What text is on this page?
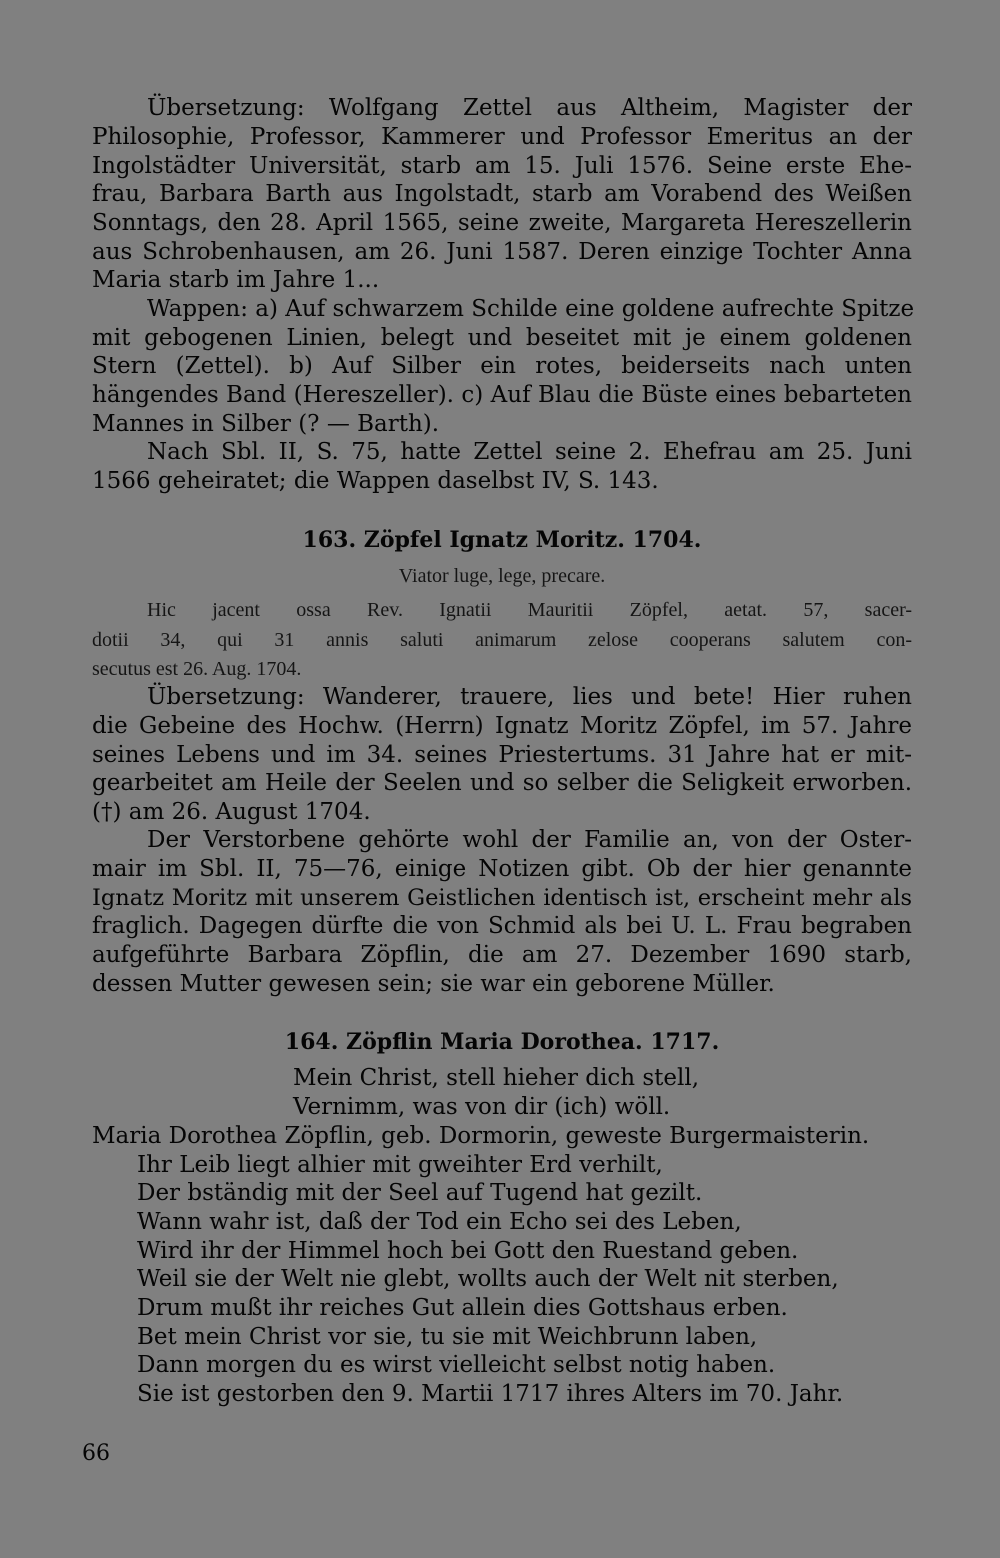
Übersetzung: Wolfgang Zettel aus Altheim, Magister der
Philosophie, Professor, Kammerer und Professor Emeritus an der
Ingolstädter Universität, starb am 15. Juli 1576. Seine erste Ehe-
frau, Barbara Barth aus Ingolstadt, starb am Vorabend des Weißen
Sonntags, den 28. April 1565, seine zweite, Margareta Hereszellerin
aus Schrobenhausen, am 26. Juni 1587. Deren einzige Tochter Anna
Maria starb im Jahre 1...
Wappen: a) Auf schwarzem Schilde eine goldene aufrechte Spitze
mit gebogenen Linien, belegt und beseitet mit je einem goldenen
Stern (Zettel). b) Auf Silber ein rotes, beiderseits nach unten
hängendes Band (Hereszeller). c) Auf Blau die Büste eines bebarteten
Mannes in Silber (? — Barth).
Nach Sbl. II, S. 75, hatte Zettel seine 2. Ehefrau am 25. Juni
1566 geheiratet; die Wappen daselbst IV, S. 143.
163. Zöpfel Ignatz Moritz. 1704.
Viator luge, lege, precare.
Hic jacent ossa Rev. Ignatii Mauritii Zöpfel, aetat. 57, sacer-
dotii 34, qui 31 annis saluti animarum zelose cooperans salutem con-
secutus est 26. Aug. 1704.
Übersetzung: Wanderer, trauere, lies und bete! Hier ruhen
die Gebeine des Hochw. (Herrn) Ignatz Moritz Zöpfel, im 57. Jahre
seines Lebens und im 34. seines Priestertums. 31 Jahre hat er mit-
gearbeitet am Heile der Seelen und so selber die Seligkeit erworben.
(†) am 26. August 1704.
Der Verstorbene gehörte wohl der Familie an, von der Oster-
mair im Sbl. II, 75—76, einige Notizen gibt. Ob der hier genannte
Ignatz Moritz mit unserem Geistlichen identisch ist, erscheint mehr als
fraglich. Dagegen dürfte die von Schmid als bei U. L. Frau begraben
aufgeführte Barbara Zöpflin, die am 27. Dezember 1690 starb,
dessen Mutter gewesen sein; sie war ein geborene Müller.
164. Zöpflin Maria Dorothea. 1717.
Mein Christ, stell hieher dich stell,
Vernimm, was von dir (ich) wöll.
Maria Dorothea Zöpflin, geb. Dormorin, geweste Burgermaisterin.
Ihr Leib liegt alhier mit gweihter Erd verhilt,
Der bständig mit der Seel auf Tugend hat gezilt.
Wann wahr ist, daß der Tod ein Echo sei des Leben,
Wird ihr der Himmel hoch bei Gott den Ruestand geben.
Weil sie der Welt nie glebt, wollts auch der Welt nit sterben,
Drum mußt ihr reiches Gut allein dies Gottshaus erben.
Bet mein Christ vor sie, tu sie mit Weichbrunn laben,
Dann morgen du es wirst vielleicht selbst notig haben.
Sie ist gestorben den 9. Martii 1717 ihres Alters im 70. Jahr.
66
